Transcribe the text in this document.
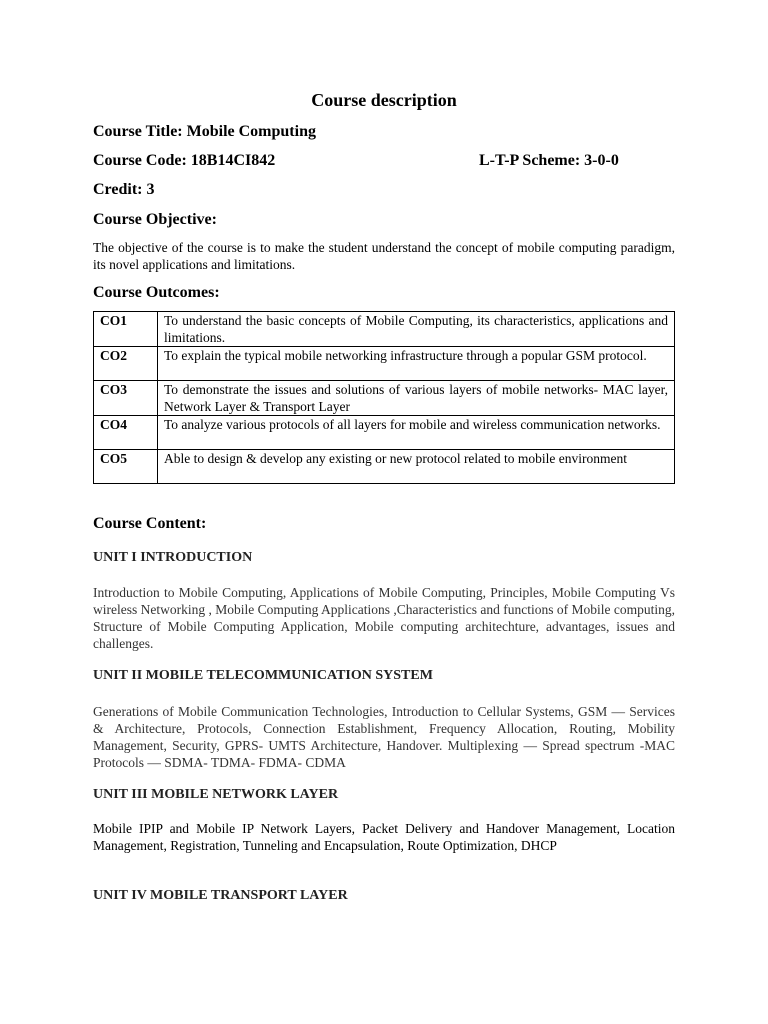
Course description
Course Title: Mobile Computing
Course Code: 18B14CI842	L-T-P Scheme: 3-0-0
Credit: 3
Course Objective:

The objective of the course is to make the student understand the concept of mobile computing paradigm, its novel applications and limitations.

Course Outcomes:
CO1	To understand the basic concepts of Mobile Computing, its characteristics, applications and limitations.
CO2	To explain the typical mobile networking infrastructure through a popular GSM protocol.
CO3	To demonstrate the issues and solutions of various layers of mobile networks- MAC layer, Network Layer & Transport Layer
CO4	To analyze various protocols of all layers for mobile and wireless communication networks.
CO5	Able to design & develop any existing or new protocol related to mobile environment
Course Content:
UNIT I INTRODUCTION

Introduction to Mobile Computing, Applications of Mobile Computing, Principles, Mobile Computing Vs wireless Networking , Mobile Computing Applications ,Characteristics and functions of Mobile computing, Structure of Mobile Computing Application, Mobile computing architechture, advantages, issues and challenges.

UNIT II MOBILE TELECOMMUNICATION SYSTEM

Generations of Mobile Communication Technologies, Introduction to Cellular Systems, GSM — Services & Architecture, Protocols, Connection Establishment, Frequency Allocation, Routing, Mobility Management, Security, GPRS- UMTS Architecture, Handover. Multiplexing — Spread spectrum -MAC Protocols — SDMA- TDMA- FDMA- CDMA

UNIT III MOBILE NETWORK LAYER

Mobile IPIP and Mobile IP Network Layers, Packet Delivery and Handover Management, Location Management, Registration, Tunneling and Encapsulation, Route Optimization, DHCP

UNIT IV MOBILE TRANSPORT LAYER
